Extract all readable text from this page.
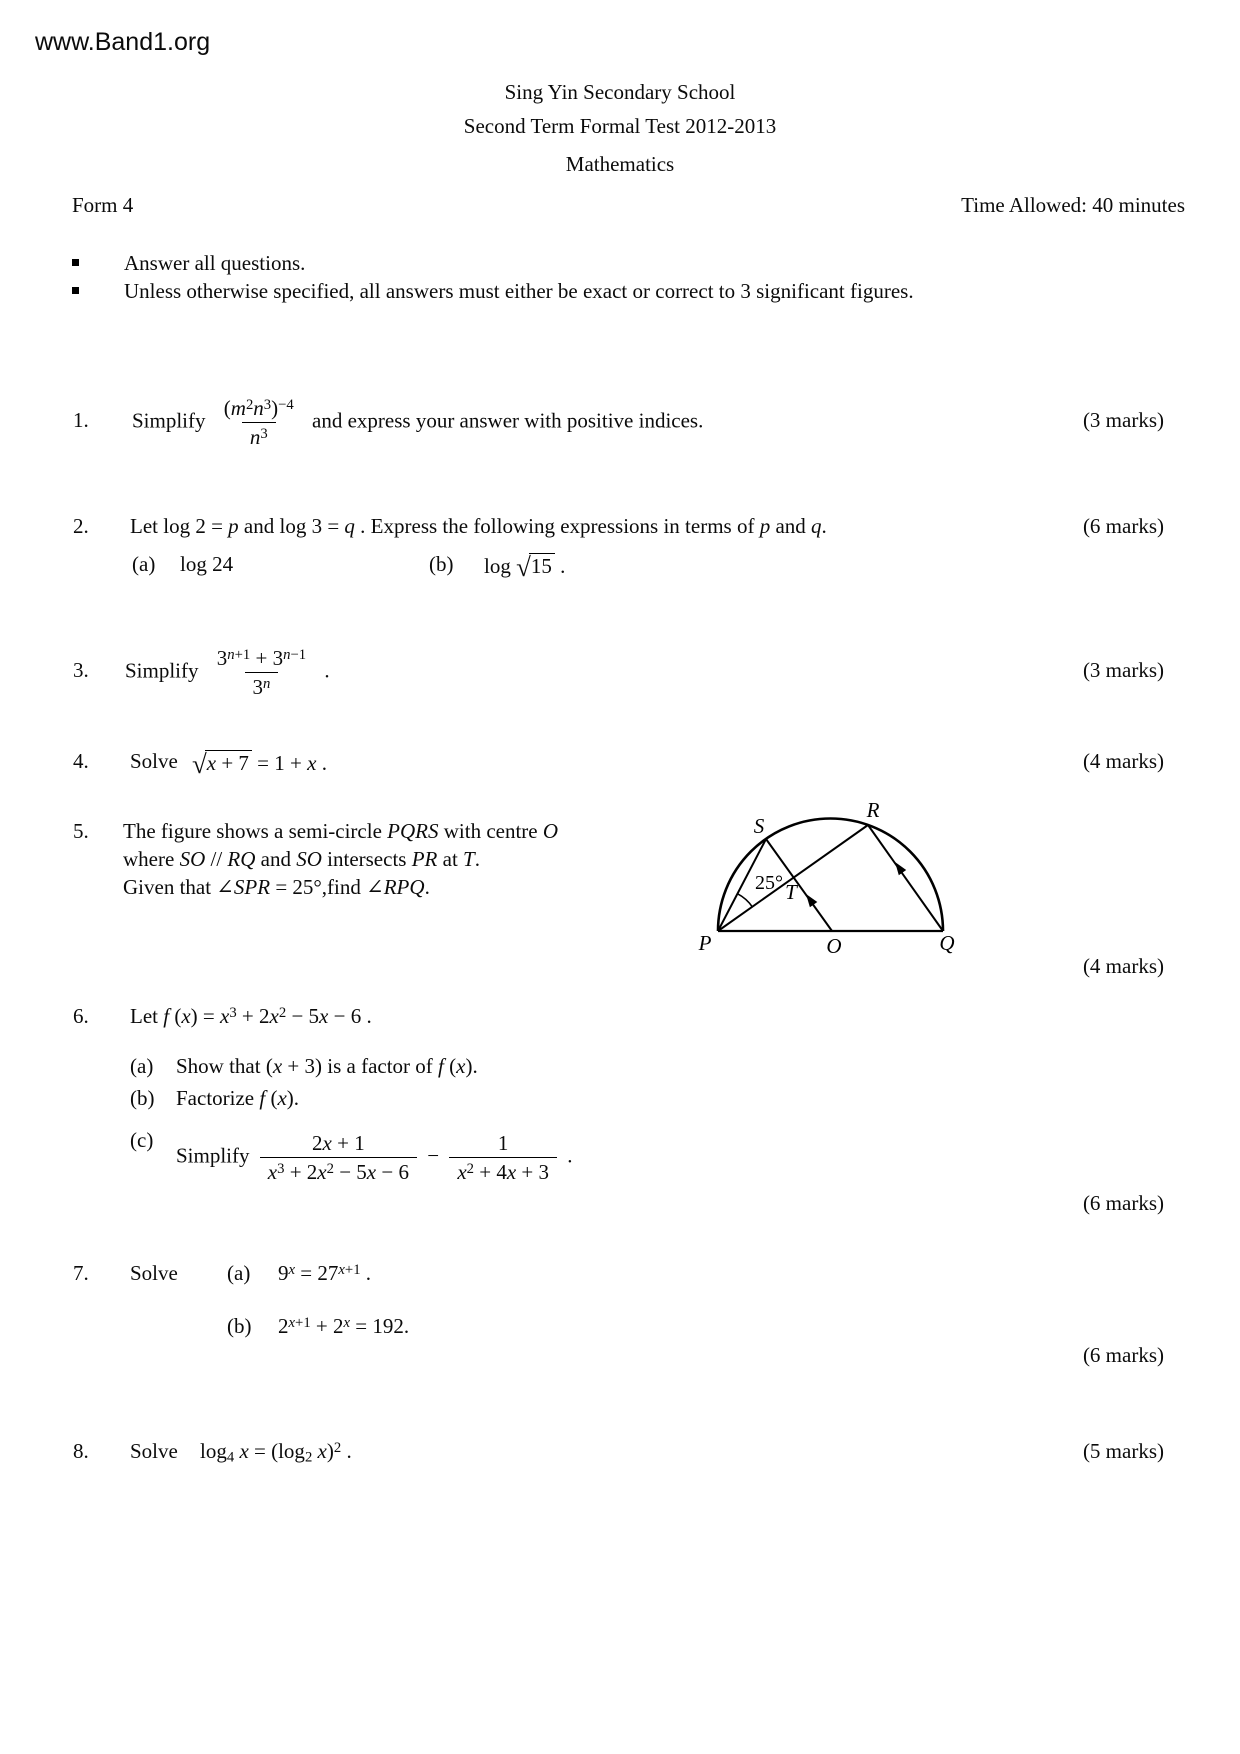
www.Band1.org
Sing Yin Secondary School
Second Term Formal Test 2012-2013
Mathematics
Form 4	Time Allowed: 40 minutes
Answer all questions.
Unless otherwise specified, all answers must either be exact or correct to 3 significant figures.
1. Simplify $\frac{(m^2n^3)^{-4}}{n^3}$ and express your answer with positive indices.	(3 marks)
2. Let log 2 = p and log 3 = q . Express the following expressions in terms of p and q.	(6 marks)
(a) log 24	(b) log √15 .
3. Simplify $\frac{3^{n+1} + 3^{n-1}}{3^n}$ .	(3 marks)
4. Solve √x + 7 = 1 + x .	(4 marks)
5. The figure shows a semi-circle PQRS with centre O
where SO // RQ and SO intersects PR at T.
Given that ∠SPR = 25°,find ∠RPQ.
(4 marks)
P	Q
O
R
S
T
25°
6. Let f $(x) = x^3 + 2x^2 - 5x - 6$ .
(a) Show that (x + 3) is a factor of f (x).
(b) Factorize f (x).
(c)
Simplify $\frac{2x + 1}{x^3 + 2x^2 - 5x - 6} - \frac{1}{x^2 + 4x + 3}$ .
(6 marks)
7. Solve (a) $9^x = 27^{x+1}$ .
(b) $2^{x+1} + 2^x = 192$.
(6 marks)
8. Solve $\log_4 x = (\log_2$ x)$^2$ .	(5 marks)
